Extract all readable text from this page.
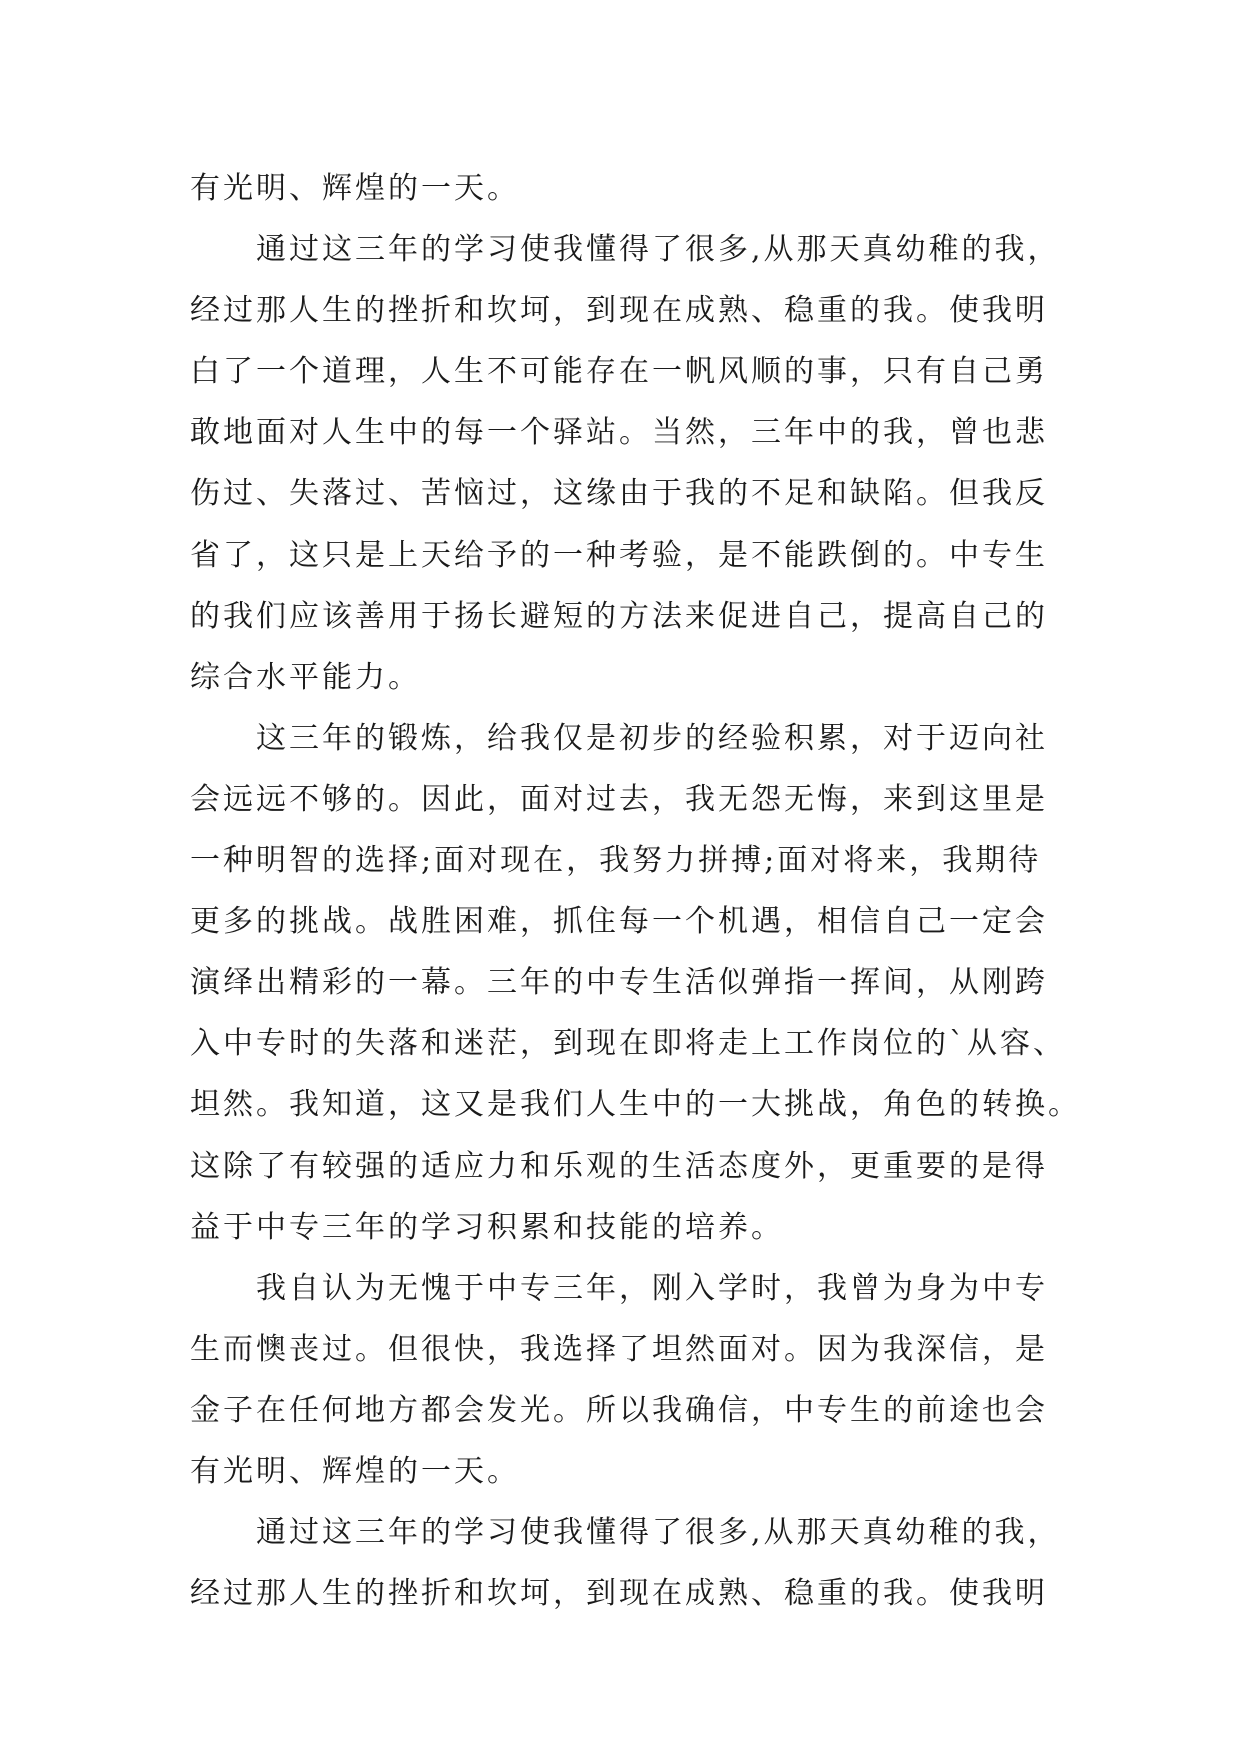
有光明、辉煌的一天。
通过这三年的学习使我懂得了很多,从那天真幼稚的我，
经过那人生的挫折和坎坷，到现在成熟、稳重的我。使我明
白了一个道理，人生不可能存在一帆风顺的事，只有自己勇
敢地面对人生中的每一个驿站。当然，三年中的我，曾也悲
伤过、失落过、苦恼过，这缘由于我的不足和缺陷。但我反
省了，这只是上天给予的一种考验，是不能跌倒的。中专生
的我们应该善用于扬长避短的方法来促进自己，提高自己的
综合水平能力。
这三年的锻炼，给我仅是初步的经验积累，对于迈向社
会远远不够的。因此，面对过去，我无怨无悔，来到这里是
一种明智的选择;面对现在，我努力拼搏;面对将来，我期待
更多的挑战。战胜困难，抓住每一个机遇，相信自己一定会
演绎出精彩的一幕。三年的中专生活似弹指一挥间，从刚跨
入中专时的失落和迷茫，到现在即将走上工作岗位的`从容、
坦然。我知道，这又是我们人生中的一大挑战，角色的转换。
这除了有较强的适应力和乐观的生活态度外，更重要的是得
益于中专三年的学习积累和技能的培养。
我自认为无愧于中专三年，刚入学时，我曾为身为中专
生而懊丧过。但很快，我选择了坦然面对。因为我深信，是
金子在任何地方都会发光。所以我确信，中专生的前途也会
有光明、辉煌的一天。
通过这三年的学习使我懂得了很多,从那天真幼稚的我，
经过那人生的挫折和坎坷，到现在成熟、稳重的我。使我明
